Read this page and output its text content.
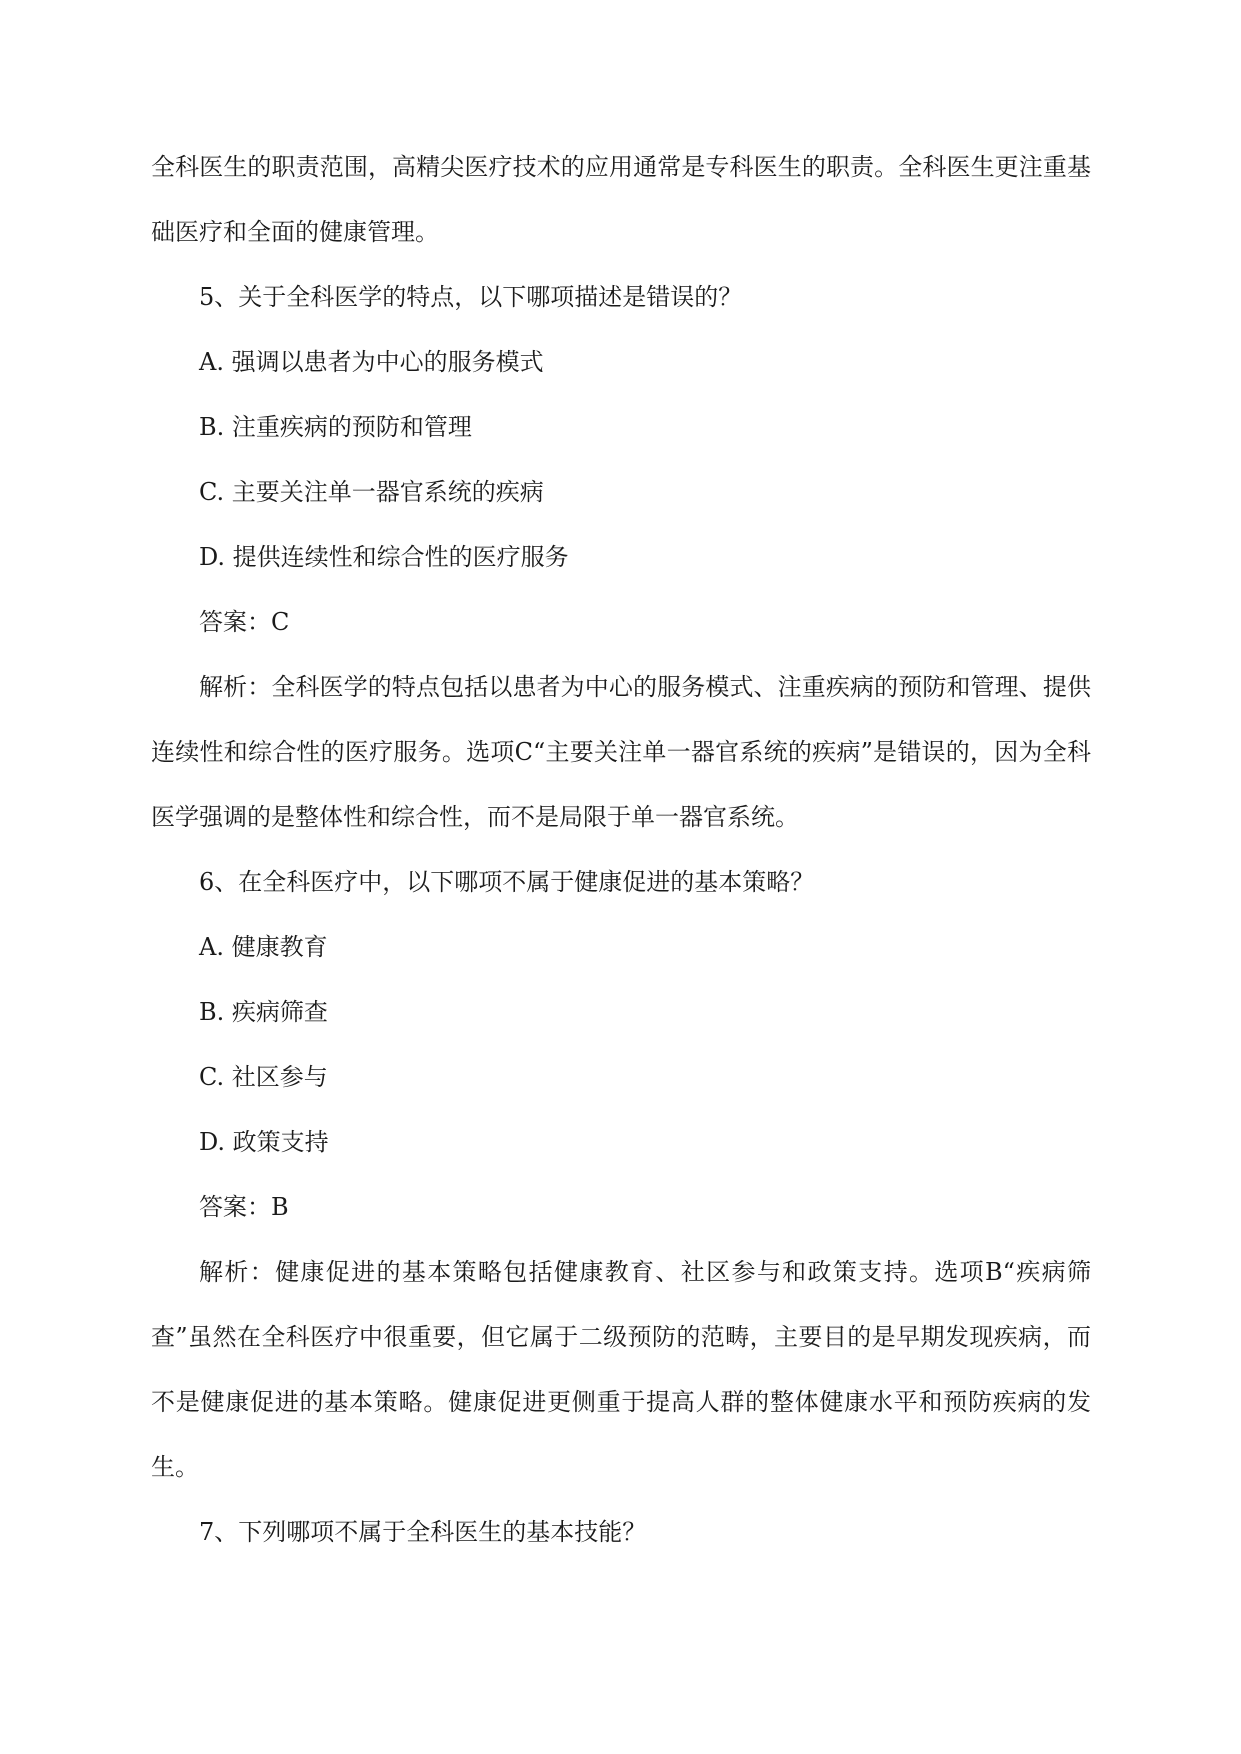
全科医生的职责范围，高精尖医疗技术的应用通常是专科医生的职责。全科医生更注重基础医疗和全面的健康管理。

5、关于全科医学的特点，以下哪项描述是错误的？

A. 强调以患者为中心的服务模式

B. 注重疾病的预防和管理

C. 主要关注单一器官系统的疾病

D. 提供连续性和综合性的医疗服务

答案：C

解析：全科医学的特点包括以患者为中心的服务模式、注重疾病的预防和管理、提供连续性和综合性的医疗服务。选项C“主要关注单一器官系统的疾病”是错误的，因为全科医学强调的是整体性和综合性，而不是局限于单一器官系统。

6、在全科医疗中，以下哪项不属于健康促进的基本策略？

A. 健康教育

B. 疾病筛查

C. 社区参与

D. 政策支持

答案：B

解析：健康促进的基本策略包括健康教育、社区参与和政策支持。选项B“疾病筛查”虽然在全科医疗中很重要，但它属于二级预防的范畴，主要目的是早期发现疾病，而不是健康促进的基本策略。健康促进更侧重于提高人群的整体健康水平和预防疾病的发生。

7、下列哪项不属于全科医生的基本技能？
